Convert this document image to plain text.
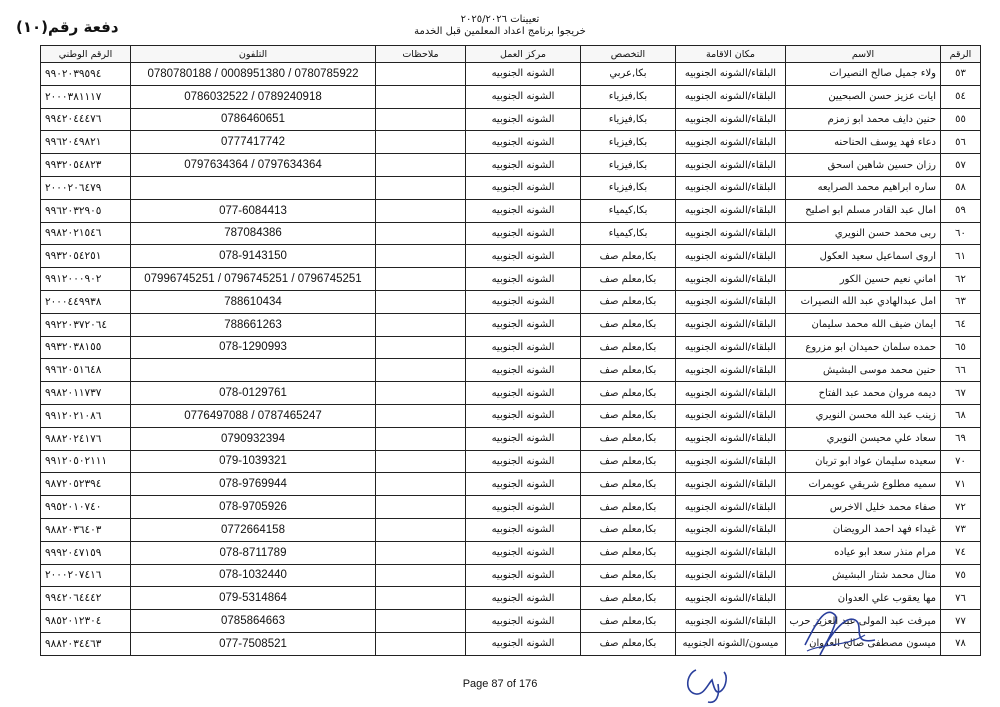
تعيينات ٢٠٢٥/٢٠٢٦
خريجوا برنامج اعداد المعلمين قبل الخدمة
دفعة رقم(١٠)
الرقم	الاسم	مكان الاقامة	التخصص	مركز العمل	ملاحظات	التلفون	الرقم الوطني
٥٣	ولاء جميل صالح النصيرات	البلقاء/الشونه الجنوبيه	بكا,عربي	الشونه الجنوبيه		0780780188 / 0008951380 / 0780785922	٩٩٠٢٠٣٩٥٩٤
٥٤	ايات عزيز حسن الصبحيين	البلقاء/الشونه الجنوبيه	بكا,فيزياء	الشونه الجنوبيه		0786032522 / 0789240918	٢٠٠٠٣٨١١١٧
٥٥	حنين دايف محمد ابو زمزم	البلقاء/الشونه الجنوبيه	بكا,فيزياء	الشونه الجنوبيه		0786460651	٩٩٤٢٠٤٤٤٧٦
٥٦	دعاء فهد يوسف الحناحنه	البلقاء/الشونه الجنوبيه	بكا,فيزياء	الشونه الجنوبيه		0777417742	٩٩٦٢٠٤٩٨٢١
٥٧	رزان حسين شاهين اسحق	البلقاء/الشونه الجنوبيه	بكا,فيزياء	الشونه الجنوبيه		0797634364 / 0797634364	٩٩٣٢٠٥٤٨٢٣
٥٨	ساره ابراهيم محمد الصرايعه	البلقاء/الشونه الجنوبيه	بكا,فيزياء	الشونه الجنوبيه			٢٠٠٠٢٠٦٤٧٩
٥٩	امال عبد القادر مسلم ابو اصليح	البلقاء/الشونه الجنوبيه	بكا,كيمياء	الشونه الجنوبيه		077-6084413	٩٩٦٢٠٣٢٩٠٥
٦٠	ربى محمد حسن النويري	البلقاء/الشونه الجنوبيه	بكا,كيمياء	الشونه الجنوبيه		787084386	٩٩٨٢٠٢١٥٤٦
٦١	اروى اسماعيل سعيد العكول	البلقاء/الشونه الجنوبيه	بكا,معلم صف	الشونه الجنوبيه		078-9143150	٩٩٣٢٠٥٤٢٥١
٦٢	اماني نعيم حسين الكور	البلقاء/الشونه الجنوبيه	بكا,معلم صف	الشونه الجنوبيه		07996745251 / 0796745251 / 0796745251	٩٩١٢٠٠٠٩٠٢
٦٣	امل عبدالهادي عبد الله النصيرات	البلقاء/الشونه الجنوبيه	بكا,معلم صف	الشونه الجنوبيه		788610434	٢٠٠٠٤٤٩٩٣٨
٦٤	ايمان ضيف الله محمد سليمان	البلقاء/الشونه الجنوبيه	بكا,معلم صف	الشونه الجنوبيه		788661263	٩٩٢٢٠٣٧٢٠٦٤
٦٥	حمده سلمان حميدان ابو مزروع	البلقاء/الشونه الجنوبيه	بكا,معلم صف	الشونه الجنوبيه		078-1290993	٩٩٣٢٠٣٨١٥٥
٦٦	حنين محمد موسى البشيش	البلقاء/الشونه الجنوبيه	بكا,معلم صف	الشونه الجنوبيه			٩٩٦٢٠٥١٦٤٨
٦٧	ديمه مروان محمد عبد الفتاح	البلقاء/الشونه الجنوبيه	بكا,معلم صف	الشونه الجنوبيه		078-0129761	٩٩٨٢٠١١٧٣٧
٦٨	زينب عبد الله محسن النويري	البلقاء/الشونه الجنوبيه	بكا,معلم صف	الشونه الجنوبيه		0776497088 / 0787465247	٩٩١٢٠٢١٠٨٦
٦٩	سعاد علي محيسن النويري	البلقاء/الشونه الجنوبيه	بكا,معلم صف	الشونه الجنوبيه		0790932394	٩٨٨٢٠٢٤١٧٦
٧٠	سعيده سليمان عواد ابو تربان	البلقاء/الشونه الجنوبيه	بكا,معلم صف	الشونه الجنوبيه		079-1039321	٩٩١٢٠٥٠٢١١١
٧١	سميه مطلوع شريقي عويمرات	البلقاء/الشونه الجنوبيه	بكا,معلم صف	الشونه الجنوبيه		078-9769944	٩٨٧٢٠٥٢٣٩٤
٧٢	صفاء محمد خليل الاخرس	البلقاء/الشونه الجنوبيه	بكا,معلم صف	الشونه الجنوبيه		078-9705926	٩٩٥٢٠١٠٧٤٠
٧٣	غيداء فهد احمد الرويضان	البلقاء/الشونه الجنوبيه	بكا,معلم صف	الشونه الجنوبيه		0772664158	٩٨٨٢٠٣٦٤٠٣
٧٤	مرام منذر سعد ابو عياده	البلقاء/الشونه الجنوبيه	بكا,معلم صف	الشونه الجنوبيه		078-8711789	٩٩٩٢٠٤٧١٥٩
٧٥	منال محمد شتار البشيش	البلقاء/الشونه الجنوبيه	بكا,معلم صف	الشونه الجنوبيه		078-1032440	٢٠٠٠٢٠٧٤١٦
٧٦	مها يعقوب علي العدوان	البلقاء/الشونه الجنوبيه	بكا,معلم صف	الشونه الجنوبيه		079-5314864	٩٩٤٢٠٦٤٤٤٢
٧٧	ميرفت عبد المولى عبد العزيز حرب	البلقاء/الشونه الجنوبيه	بكا,معلم صف	الشونه الجنوبيه		0785864663	٩٨٥٢٠١٢٣٠٤
٧٨	ميسون مصطفى صالح العدوان	ميسون/الشونه الجنوبيه	بكا,معلم صف	الشونه الجنوبيه		077-7508521	٩٨٨٢٠٣٤٤٦٣
Page 87 of 176
